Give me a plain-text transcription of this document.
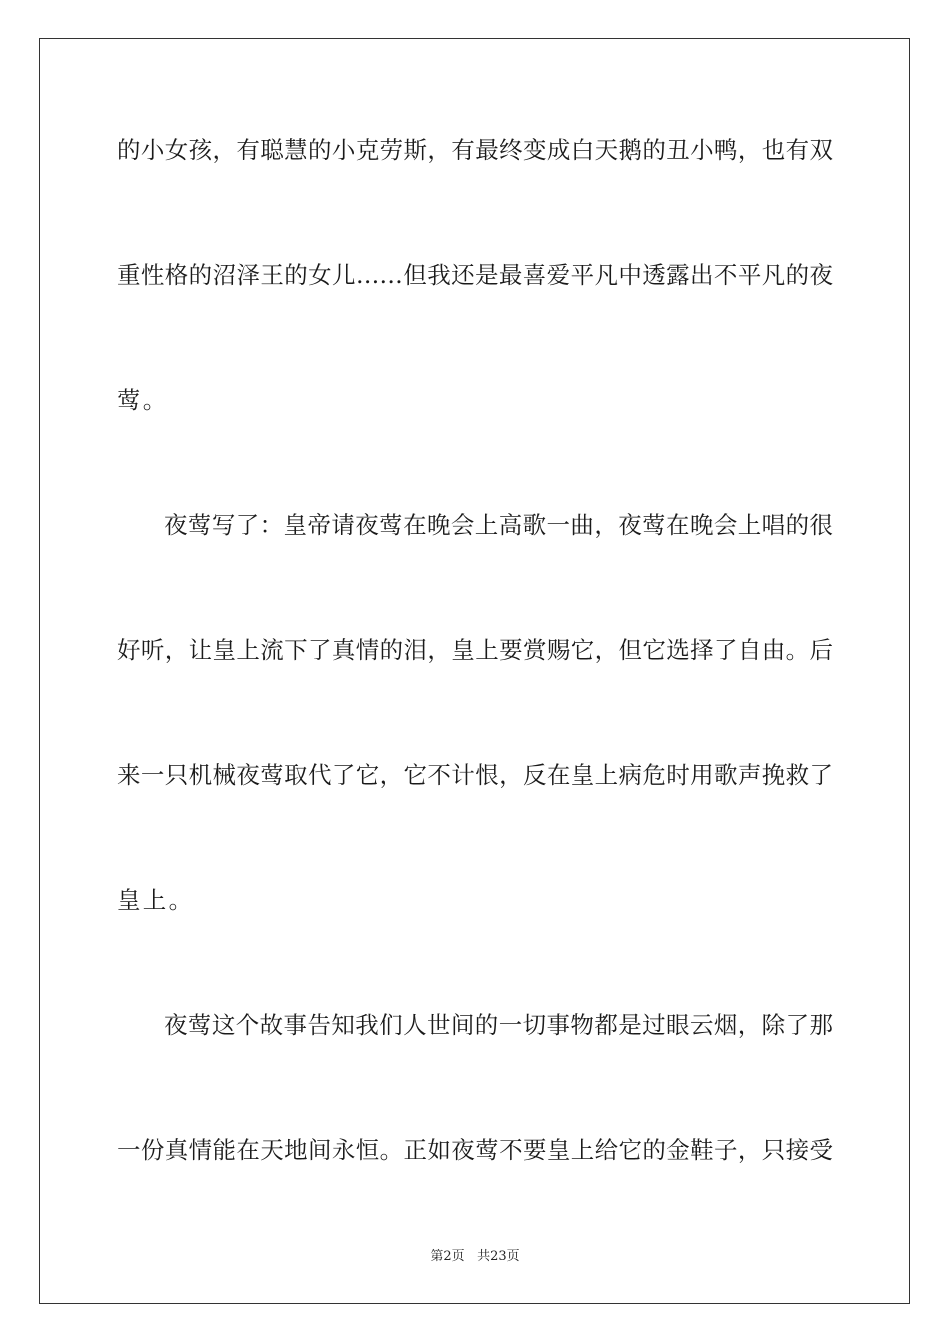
的小女孩，有聪慧的小克劳斯，有最终变成白天鹅的丑小鸭，也有双
重性格的沼泽王的女儿……但我还是最喜爱平凡中透露出不平凡的夜
莺。
夜莺写了：皇帝请夜莺在晚会上高歌一曲，夜莺在晚会上唱的很
好听，让皇上流下了真情的泪，皇上要赏赐它，但它选择了自由。后
来一只机械夜莺取代了它，它不计恨，反在皇上病危时用歌声挽救了
皇上。
夜莺这个故事告知我们人世间的一切事物都是过眼云烟，除了那
一份真情能在天地间永恒。正如夜莺不要皇上给它的金鞋子，只接受
第2页 共23页
